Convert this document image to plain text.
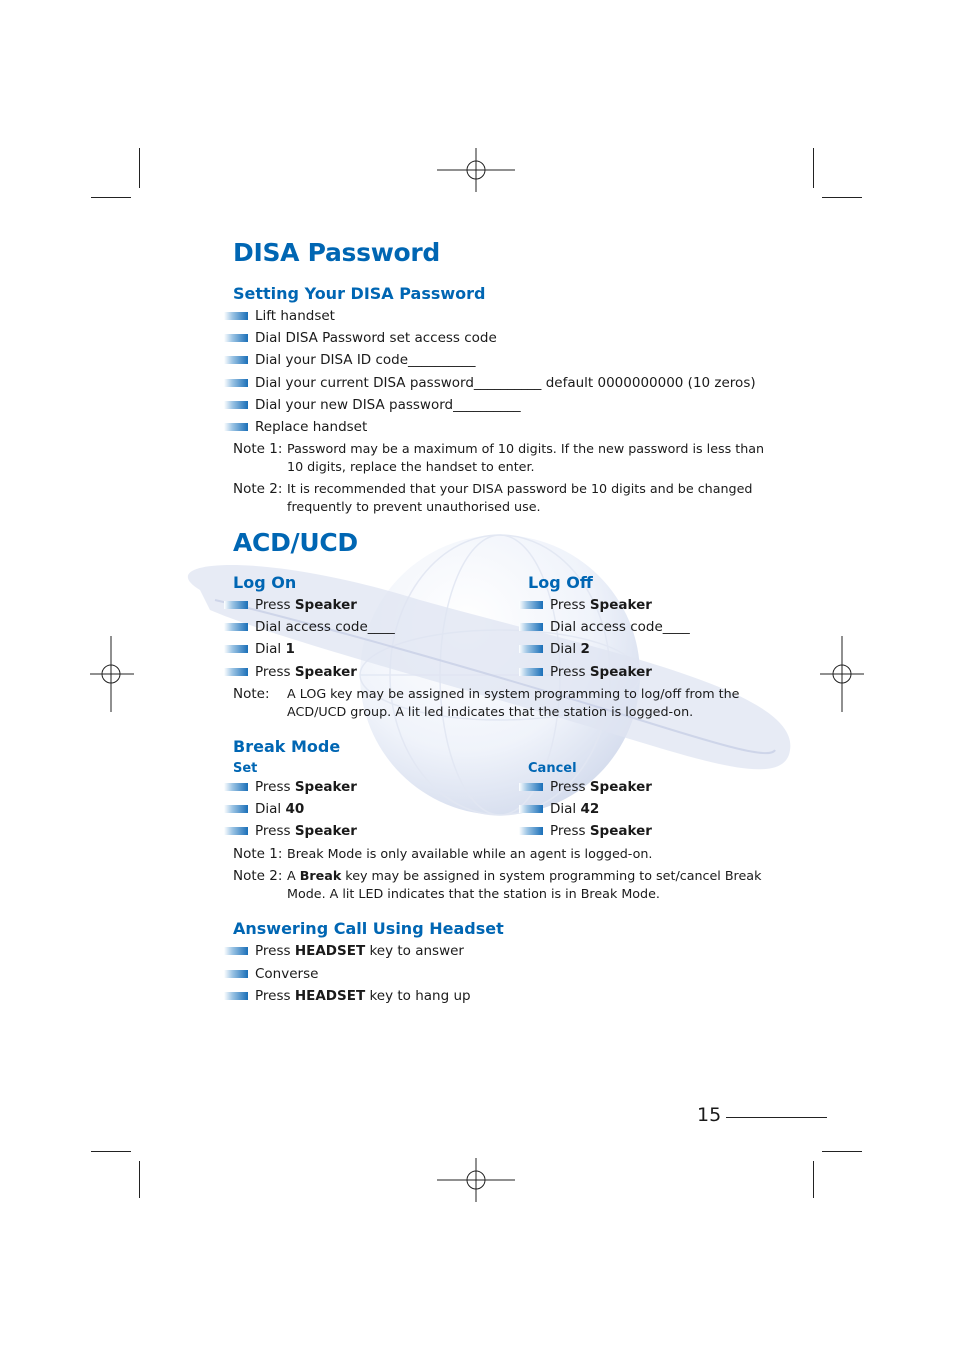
DISA Password
Setting Your DISA Password
Lift handset
Dial DISA Password set access code
Dial your DISA ID code__________
Dial your current DISA password__________ default 0000000000 (10 zeros)
Dial your new DISA password__________
Replace handset
Note 1: Password may be a maximum of 10 digits. If the new password is less than 10 digits, replace the handset to enter.
Note 2: It is recommended that your DISA password be 10 digits and be changed frequently to prevent unauthorised use.
ACD/UCD
Log On	Log Off
Press Speaker
Dial access code____
Dial 1
Press Speaker
Press Speaker
Dial access code____
Dial 2
Press Speaker
Note: A LOG key may be assigned in system programming to log/off from the ACD/UCD group. A lit led indicates that the station is logged-on.
Break Mode
Set	Cancel
Press Speaker
Dial 40
Press Speaker
Press Speaker
Dial 42
Press Speaker
Note 1: Break Mode is only available while an agent is logged-on.
Note 2: A Break key may be assigned in system programming to set/cancel Break Mode. A lit LED indicates that the station is in Break Mode.
Answering Call Using Headset
Press HEADSET key to answer
Converse
Press HEADSET key to hang up
15
